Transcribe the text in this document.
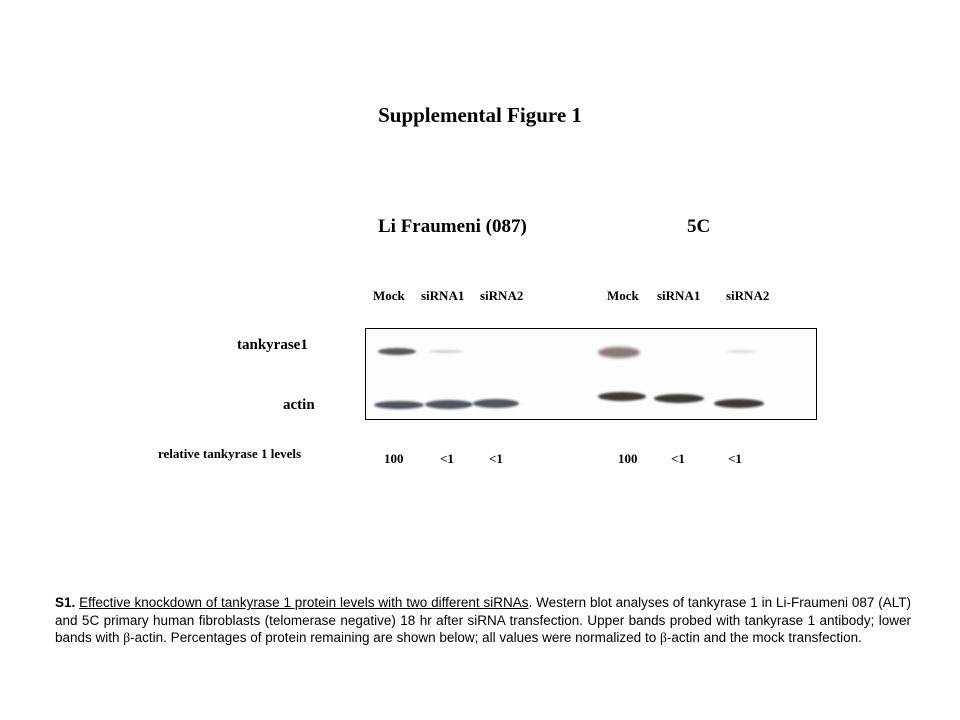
Supplemental Figure 1
Li Fraumeni (087)	5C
Mock siRNA1 siRNA2	Mock siRNA1 siRNA2
tankyrase1
actin
relative tankyrase 1 levels	100	<1	<1	100	<1	<1
S1. Effective knockdown of tankyrase 1 protein levels with two different siRNAs. Western blot analyses of tankyrase 1 in Li-Fraumeni 087 (ALT) and 5C primary human fibroblasts (telomerase negative) 18 hr after siRNA transfection. Upper bands probed with tankyrase 1 antibody; lower bands with β-actin. Percentages of protein remaining are shown below; all values were normalized to β-actin and the mock transfection.
